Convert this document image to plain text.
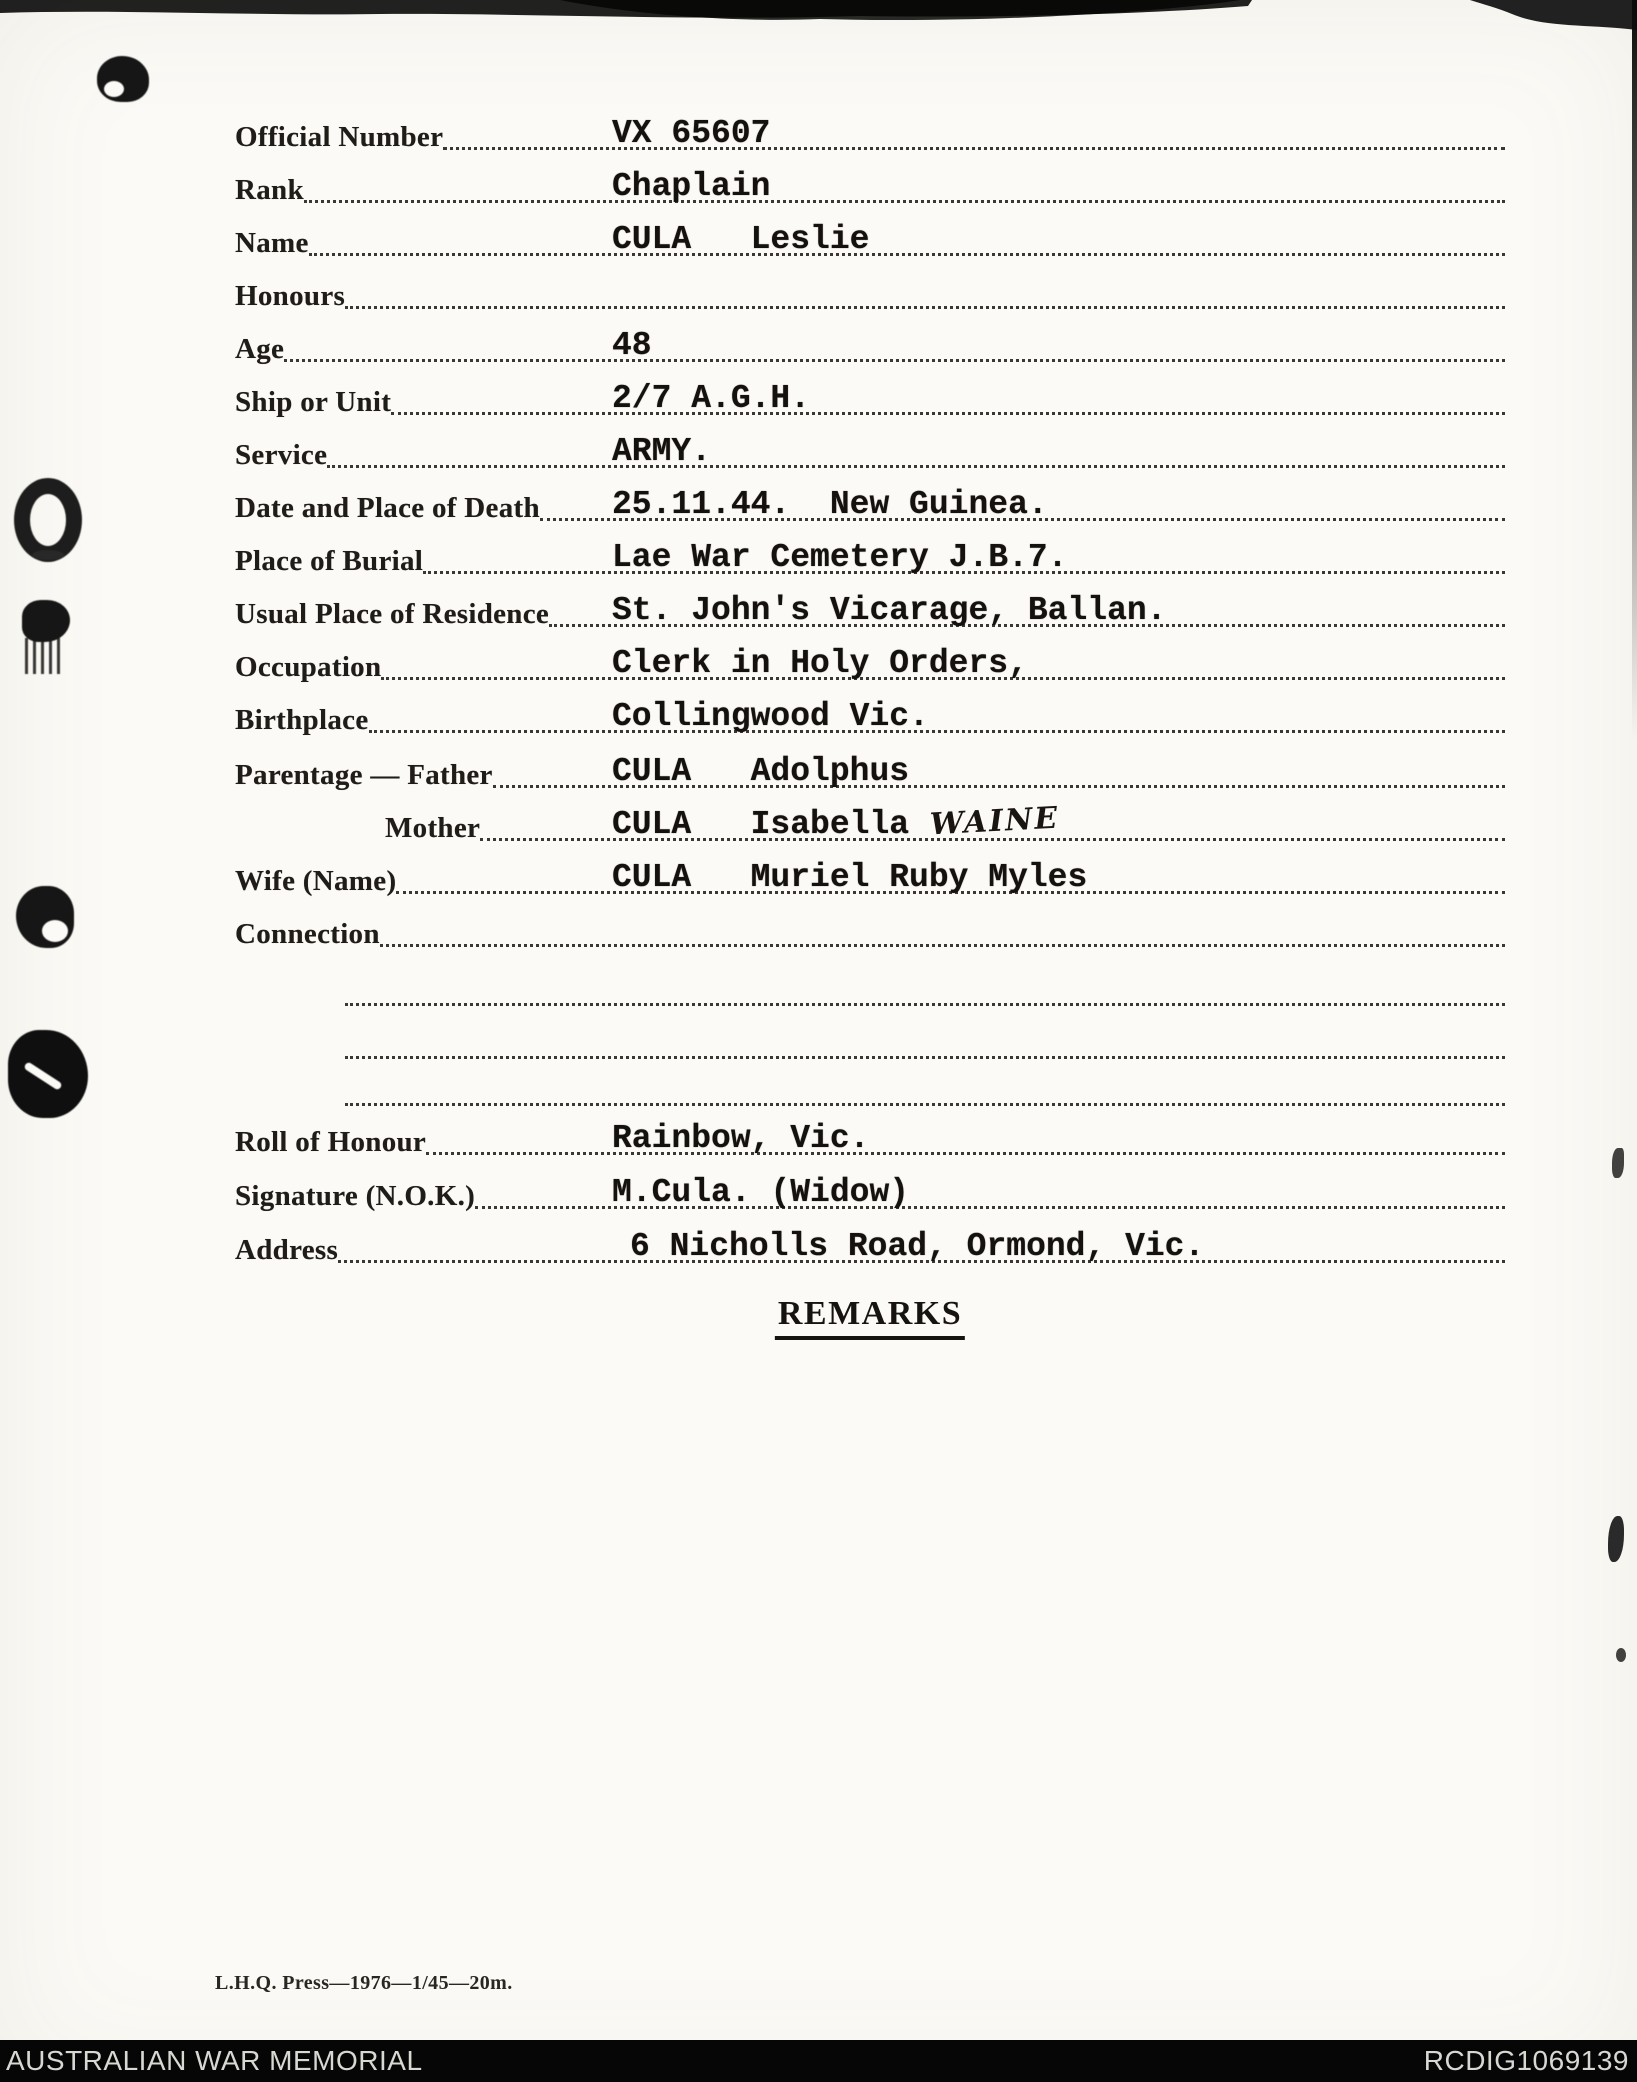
Official Number	VX 65607
Rank	Chaplain
Name	CULA   Leslie
Honours
Age	48
Ship or Unit	2/7 A.G.H.
Service	ARMY.
Date and Place of Death 25.11.44.  New Guinea.
Place of Burial	Lae War Cemetery J.B.7.
Usual Place of Residence St. John's Vicarage, Ballan.
Occupation	Clerk in Holy Orders,
Birthplace	Collingwood Vic.
Parentage — Father	CULA   Adolphus
Mother	CULA   Isabella WAINE
Wife (Name)	CULA   Muriel Ruby Myles
Connection
Roll of Honour	Rainbow, Vic.
Signature (N.O.K.)	M.Cula. (Widow)
Address	6 Nicholls Road, Ormond, Vic.
REMARKS
L.H.Q. Press—1976—1/45—20m.
AUSTRALIAN WAR MEMORIAL	RCDIG1069139
